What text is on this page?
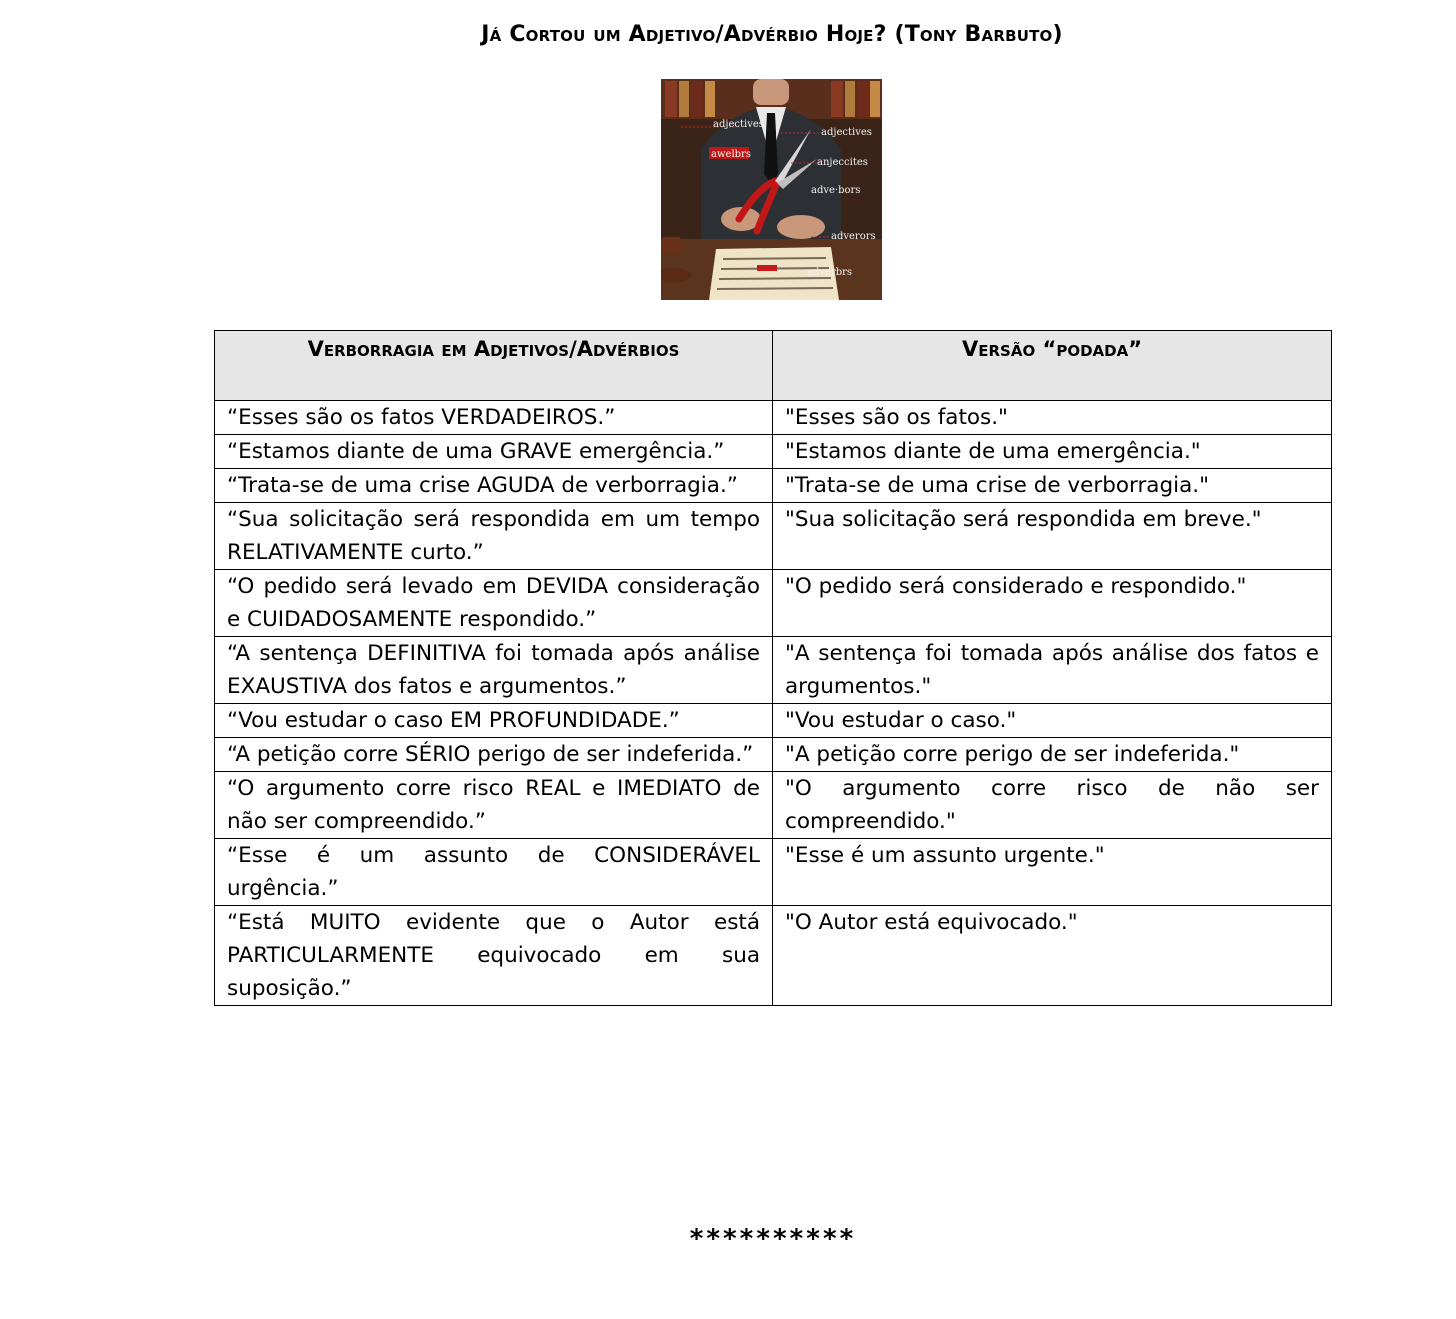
Já Cortou um Adjetivo/Advérbio Hoje? (Tony Barbuto)
adjectives
adjectives
awelbrs
anjeccites
adve·bors
adverors
adverbrs
Verborragia em Adjetivos/Advérbios	Versão “podada”
“Esses são os fatos VERDADEIROS.”	"Esses são os fatos."
“Estamos diante de uma GRAVE emergência.”	"Estamos diante de uma emergência."
“Trata-se de uma crise AGUDA de verborragia.”	"Trata-se de uma crise de verborragia."
“Sua solicitação será respondida em um tempo RELATIVAMENTE curto.”	"Sua solicitação será respondida em breve."
“O pedido será levado em DEVIDA consideração e CUIDADOSAMENTE respondido.”	"O pedido será considerado e respondido."
“A sentença DEFINITIVA foi tomada após análise EXAUSTIVA dos fatos e argumentos.”	"A sentença foi tomada após análise dos fatos e argumentos."
“Vou estudar o caso EM PROFUNDIDADE.”	"Vou estudar o caso."
“A petição corre SÉRIO perigo de ser indeferida.”	"A petição corre perigo de ser indeferida."
“O argumento corre risco REAL e IMEDIATO de não ser compreendido.”	"O argumento corre risco de não ser compreendido."
“Esse é um assunto de CONSIDERÁVEL urgência.”	"Esse é um assunto urgente."
“Está MUITO evidente que o Autor está PARTICULARMENTE equivocado em sua suposição.”	"O Autor está equivocado."
**********
